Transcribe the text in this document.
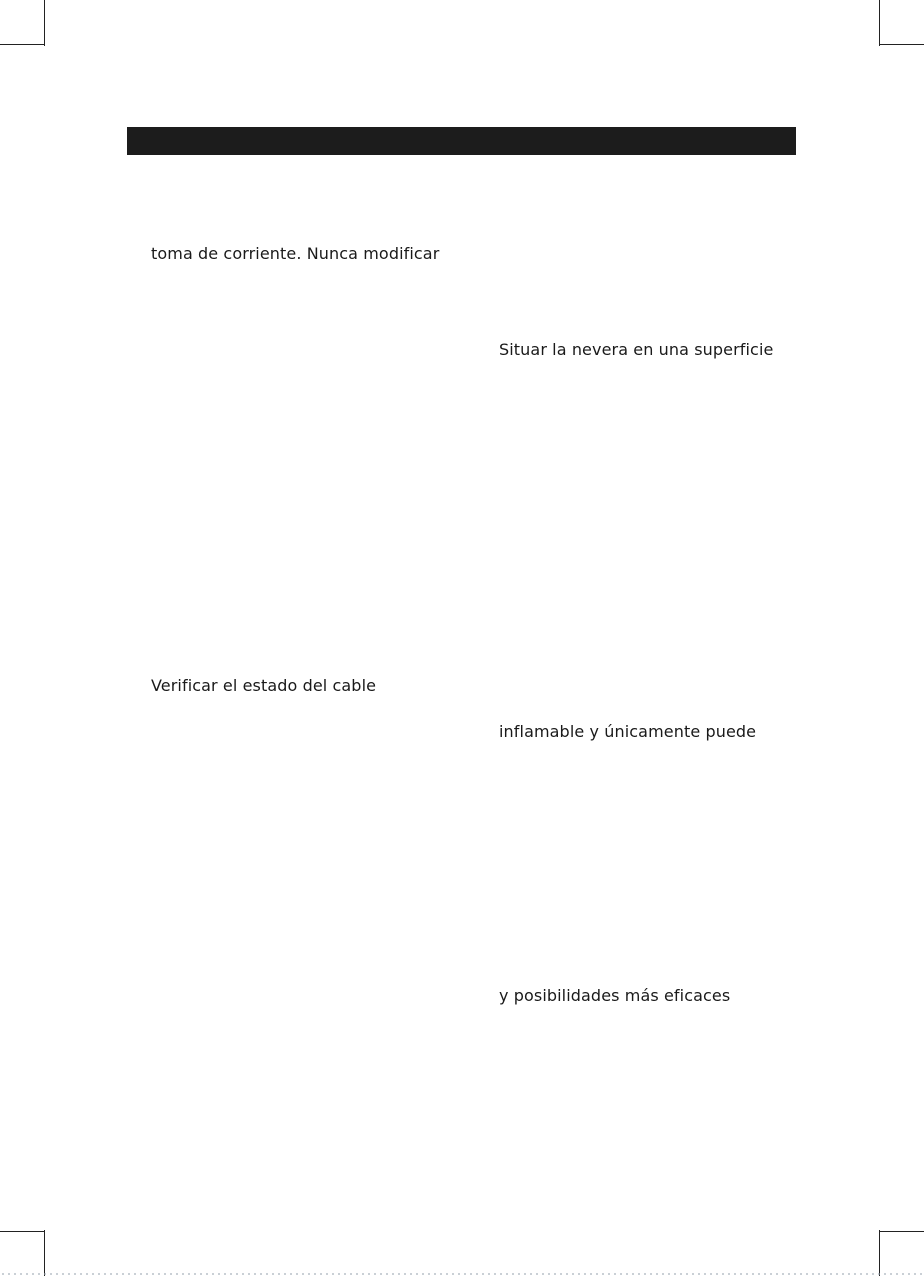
toma de corriente. Nunca modificar
Situar la nevera en una superficie
Verificar el estado del cable
inflamable y únicamente puede
y posibilidades más eficaces
